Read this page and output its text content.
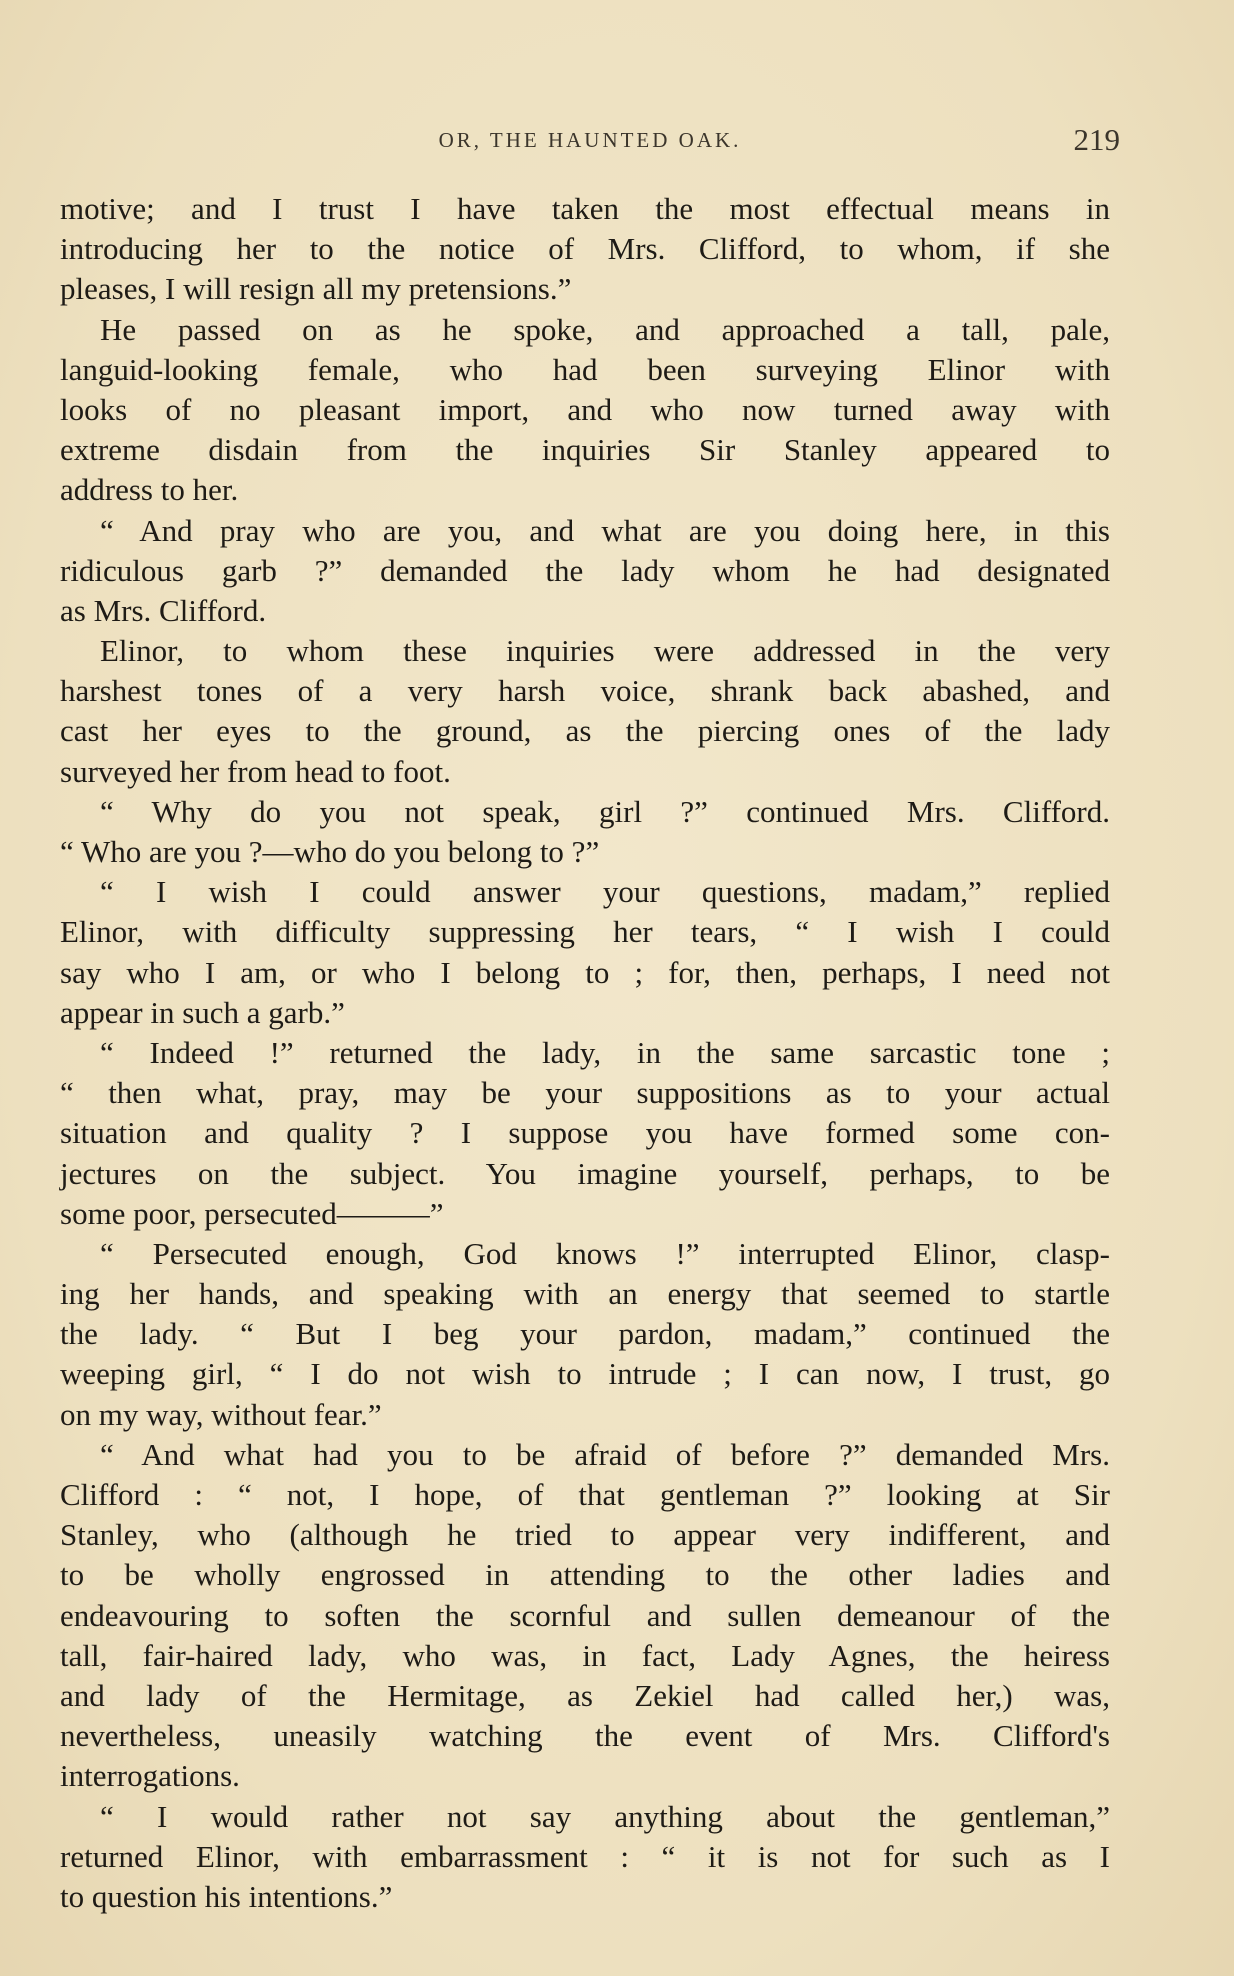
OR, THE HAUNTED OAK.	219
motive; and I trust I have taken the most effectual means in
introducing her to the notice of Mrs. Clifford, to whom, if she
pleases, I will resign all my pretensions.”
He passed on as he spoke, and approached a tall, pale,
languid-looking female, who had been surveying Elinor with
looks of no pleasant import, and who now turned away with
extreme disdain from the inquiries Sir Stanley appeared to
address to her.
“ And pray who are you, and what are you doing here, in this
ridiculous garb ?” demanded the lady whom he had designated
as Mrs. Clifford.
Elinor, to whom these inquiries were addressed in the very
harshest tones of a very harsh voice, shrank back abashed, and
cast her eyes to the ground, as the piercing ones of the lady
surveyed her from head to foot.
“ Why do you not speak, girl ?” continued Mrs. Clifford.
“ Who are you ?—who do you belong to ?”
“ I wish I could answer your questions, madam,” replied
Elinor, with difficulty suppressing her tears, “ I wish I could
say who I am, or who I belong to ; for, then, perhaps, I need not
appear in such a garb.”
“ Indeed !” returned the lady, in the same sarcastic tone ;
“ then what, pray, may be your suppositions as to your actual
situation and quality ? I suppose you have formed some con-
jectures on the subject. You imagine yourself, perhaps, to be
some poor, persecuted———”
“ Persecuted enough, God knows !” interrupted Elinor, clasp-
ing her hands, and speaking with an energy that seemed to startle
the lady. “ But I beg your pardon, madam,” continued the
weeping girl, “ I do not wish to intrude ; I can now, I trust, go
on my way, without fear.”
“ And what had you to be afraid of before ?” demanded Mrs.
Clifford : “ not, I hope, of that gentleman ?” looking at Sir
Stanley, who (although he tried to appear very indifferent, and
to be wholly engrossed in attending to the other ladies and
endeavouring to soften the scornful and sullen demeanour of the
tall, fair-haired lady, who was, in fact, Lady Agnes, the heiress
and lady of the Hermitage, as Zekiel had called her,) was,
nevertheless, uneasily watching the event of Mrs. Clifford's
interrogations.
“ I would rather not say anything about the gentleman,”
returned Elinor, with embarrassment : “ it is not for such as I
to question his intentions.”
